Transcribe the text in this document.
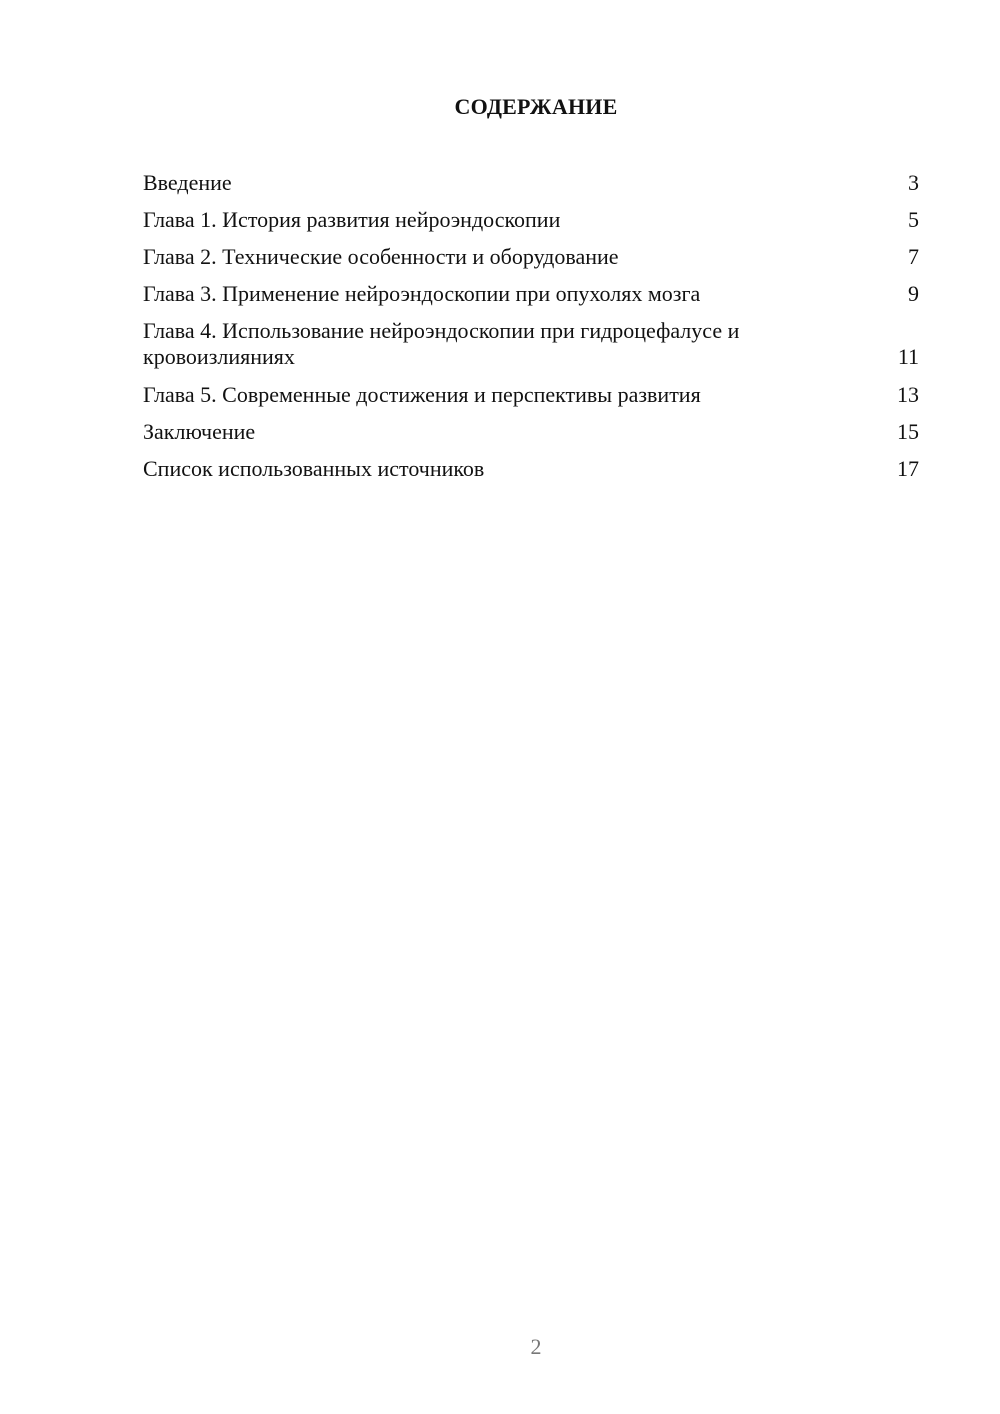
СОДЕРЖАНИЕ
Введение	3
Глава 1. История развития нейроэндоскопии	5
Глава 2. Технические особенности и оборудование	7
Глава 3. Применение нейроэндоскопии при опухолях мозга	9
Глава 4. Использование нейроэндоскопии при гидроцефалусе и кровоизлияниях	11
Глава 5. Современные достижения и перспективы развития	13
Заключение	15
Список использованных источников	17

2
